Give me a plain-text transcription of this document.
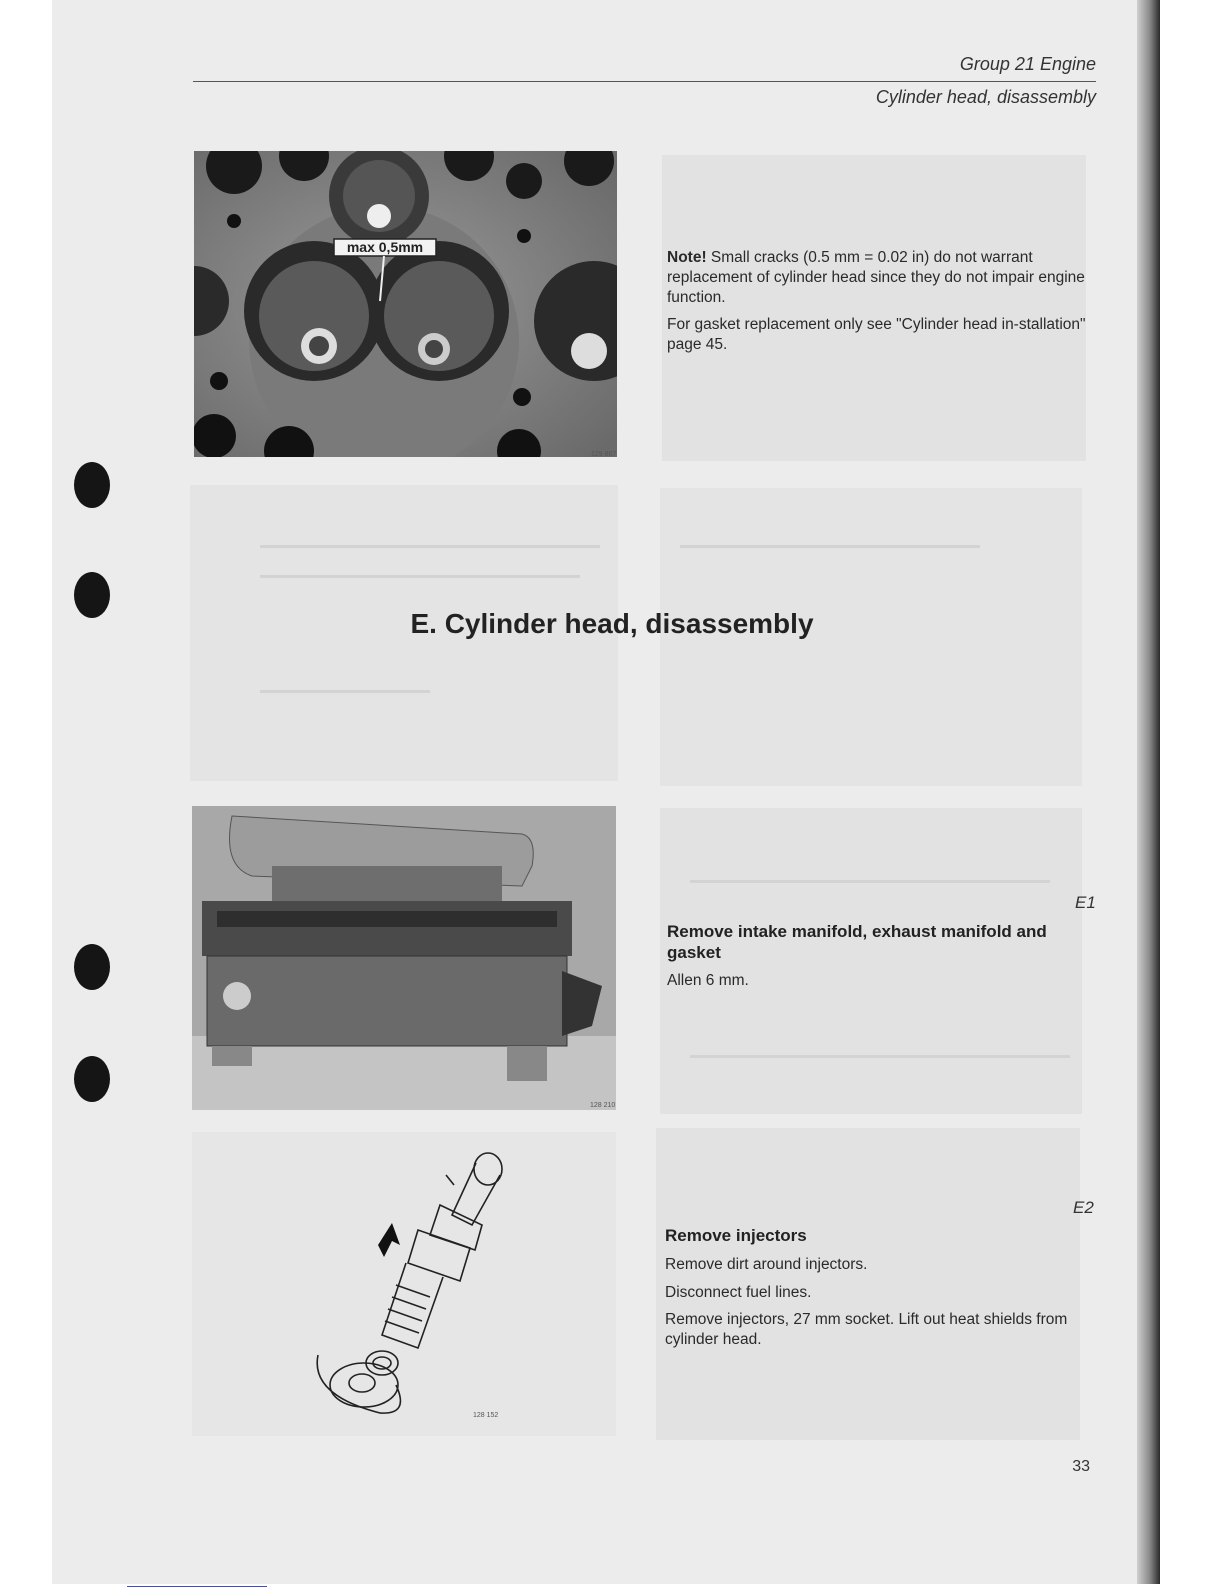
Group 21 Engine
Cylinder head, disassembly
max 0,5mm
129 867

Note! Small cracks (0.5 mm = 0.02 in) do not warrant replacement of cylinder head since they do not impair engine function.

For gasket replacement only see "Cylinder head in-stallation" page 45.

E. Cylinder head, disassembly
128 210
E1
Remove intake manifold, exhaust manifold and gasket

Allen 6 mm.

128 152
E2
Remove injectors

Remove dirt around injectors.

Disconnect fuel lines.

Remove injectors, 27 mm socket. Lift out heat shields from cylinder head.

33
